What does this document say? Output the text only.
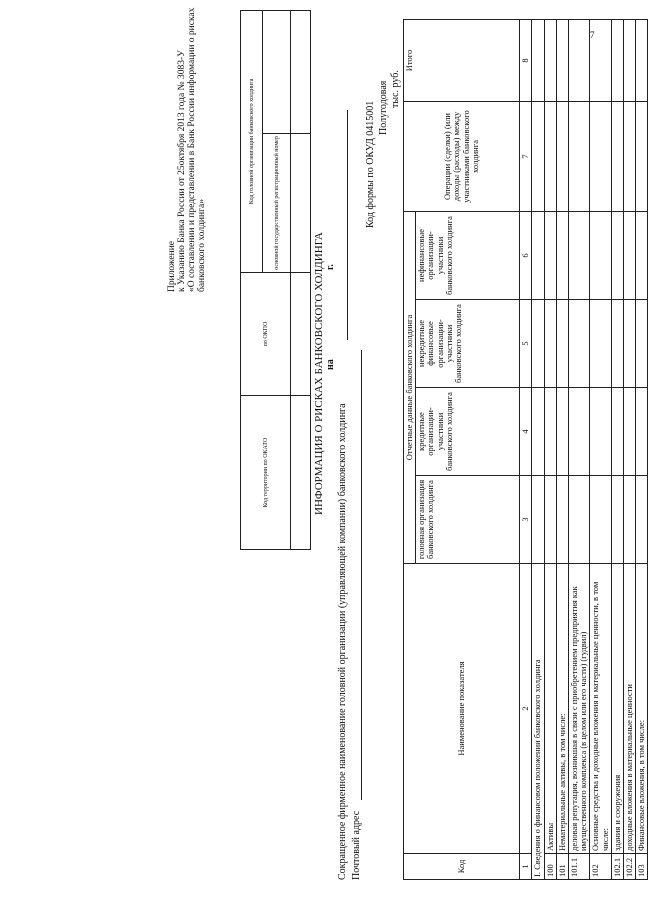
7
Приложение к Указанию Банка России от 25октября 2013 года № 3083-У «О составлении и представлении в Банк России информации о рисках банковского холдинга»
Код территории по ОКАТО	по ОКПО	Код головной организации банковского холдинга	
		основной государственный регистрационный номер	

ИНФОРМАЦИЯ О РИСКАХ БАНКОВСКОГО ХОЛДИНГА на
г.
Сокращенное фирменное наименование головной организации (управляющей компании) банковского холдинга Почтовый адрес
Код формы по ОКУД 0415001 Полугодовая тыс. руб.
Код	Наименование показателя	Отчетные данные банковского холдинга				Операции (сделки) (или доходы (расходы) между участниками банковского холдинга	Итого
		головная организация банковского холдинга	кредитные организации-участники банковского холдинга	некредитные финансовые организации-участники банковского холдинга	нефинансовые организации-участники банковского холдинга		
1	2	3	4	5	6	7	8
I. Сведения о финансовом положении банковского холдинга							
100	Активы						
101	Нематериальные активы, в том числе:						
101.1	деловая репутация, возникшая в связи с приобретением предприятия как имущественного комплекса (в целом или его части) (гудвил)						
102	Основные средства и доходные вложения в материальные ценности, в том числе:						
102.1	здания и сооружения						
102.2	доходные вложения в материальные ценности						
103	Финансовые вложения, в том числе:						
